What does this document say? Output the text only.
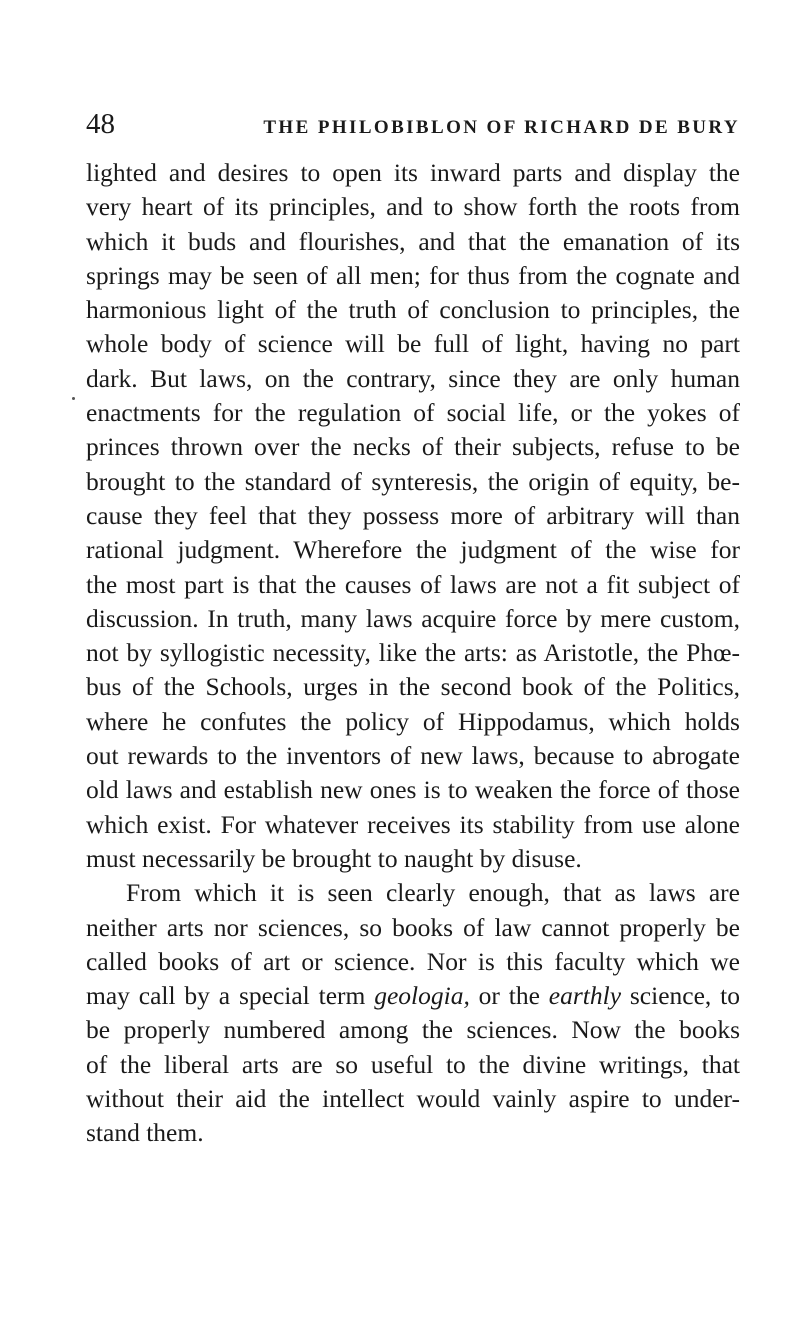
48	THE PHILOBIBLON OF RICHARD DE BURY
lighted and desires to open its inward parts and display the
very heart of its principles, and to show forth the roots from
which it buds and flourishes, and that the emanation of its
springs may be seen of all men; for thus from the cognate and
harmonious light of the truth of conclusion to principles, the
whole body of science will be full of light, having no part
dark. But laws, on the contrary, since they are only human
enactments for the regulation of social life, or the yokes of
princes thrown over the necks of their subjects, refuse to be
brought to the standard of synteresis, the origin of equity, be-
cause they feel that they possess more of arbitrary will than
rational judgment. Wherefore the judgment of the wise for
the most part is that the causes of laws are not a fit subject of
discussion. In truth, many laws acquire force by mere custom,
not by syllogistic necessity, like the arts: as Aristotle, the Phœ-
bus of the Schools, urges in the second book of the Politics,
where he confutes the policy of Hippodamus, which holds
out rewards to the inventors of new laws, because to abrogate
old laws and establish new ones is to weaken the force of those
which exist. For whatever receives its stability from use alone
must necessarily be brought to naught by disuse.
From which it is seen clearly enough, that as laws are
neither arts nor sciences, so books of law cannot properly be
called books of art or science. Nor is this faculty which we
may call by a special term geologia, or the earthly science, to
be properly numbered among the sciences. Now the books
of the liberal arts are so useful to the divine writings, that
without their aid the intellect would vainly aspire to under-
stand them.
